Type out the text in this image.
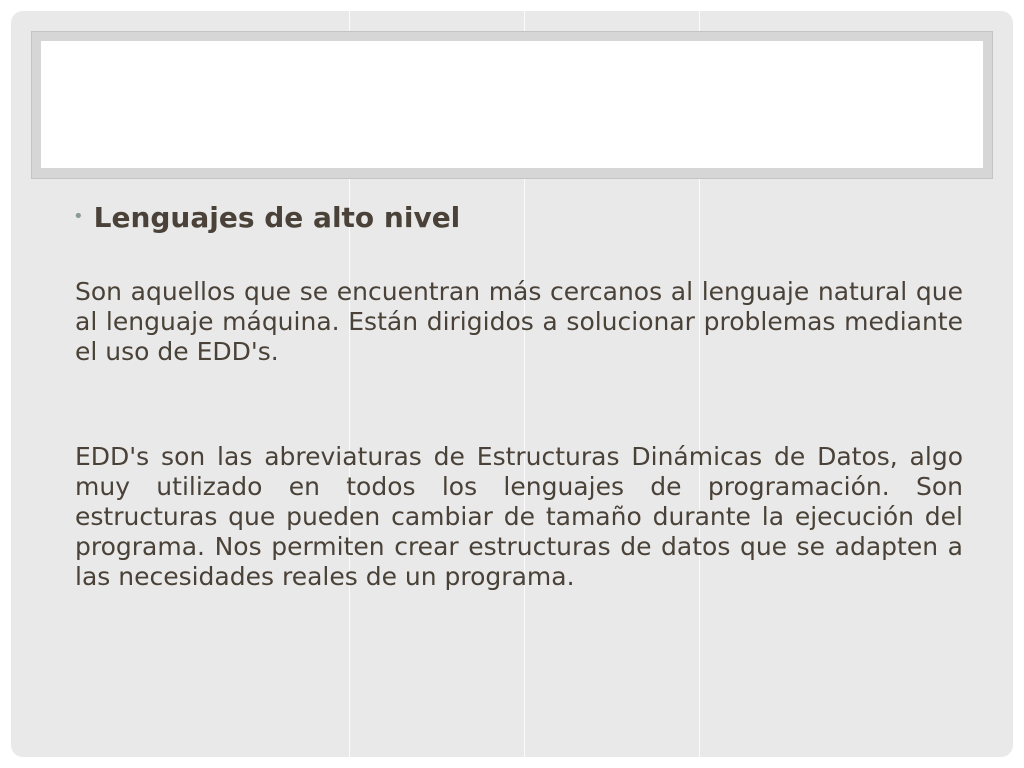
• Lenguajes de alto nivel

Son aquellos que se encuentran más cercanos al lenguaje natural que al lenguaje máquina. Están dirigidos a solucionar problemas mediante el uso de EDD's.

EDD's son las abreviaturas de Estructuras Dinámicas de Datos, algo muy utilizado en todos los lenguajes de programación. Son estructuras que pueden cambiar de tamaño durante la ejecución del programa. Nos permiten crear estructuras de datos que se adapten a las necesidades reales de un programa.
